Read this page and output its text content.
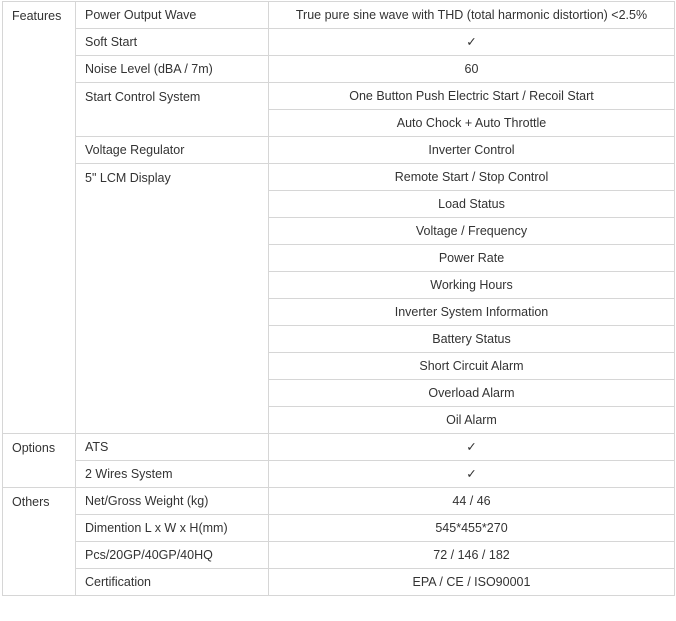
Features	Power Output Wave	True pure sine wave with THD (total harmonic distortion) <2.5%
	Soft Start	✓
	Noise Level (dBA / 7m)	60
	Start Control System	One Button Push Electric Start / Recoil Start
		Auto Chock + Auto Throttle
	Voltage Regulator	Inverter Control
	5" LCM Display	Remote Start / Stop Control
		Load Status
		Voltage / Frequency
		Power Rate
		Working Hours
		Inverter System Information
		Battery Status
		Short Circuit Alarm
		Overload Alarm
		Oil Alarm
Options	ATS	✓
	2 Wires System	✓
Others	Net/Gross Weight (kg)	44 / 46
	Dimention L x W x H(mm)	545*455*270
	Pcs/20GP/40GP/40HQ	72 / 146 / 182
	Certification	EPA / CE / ISO90001
